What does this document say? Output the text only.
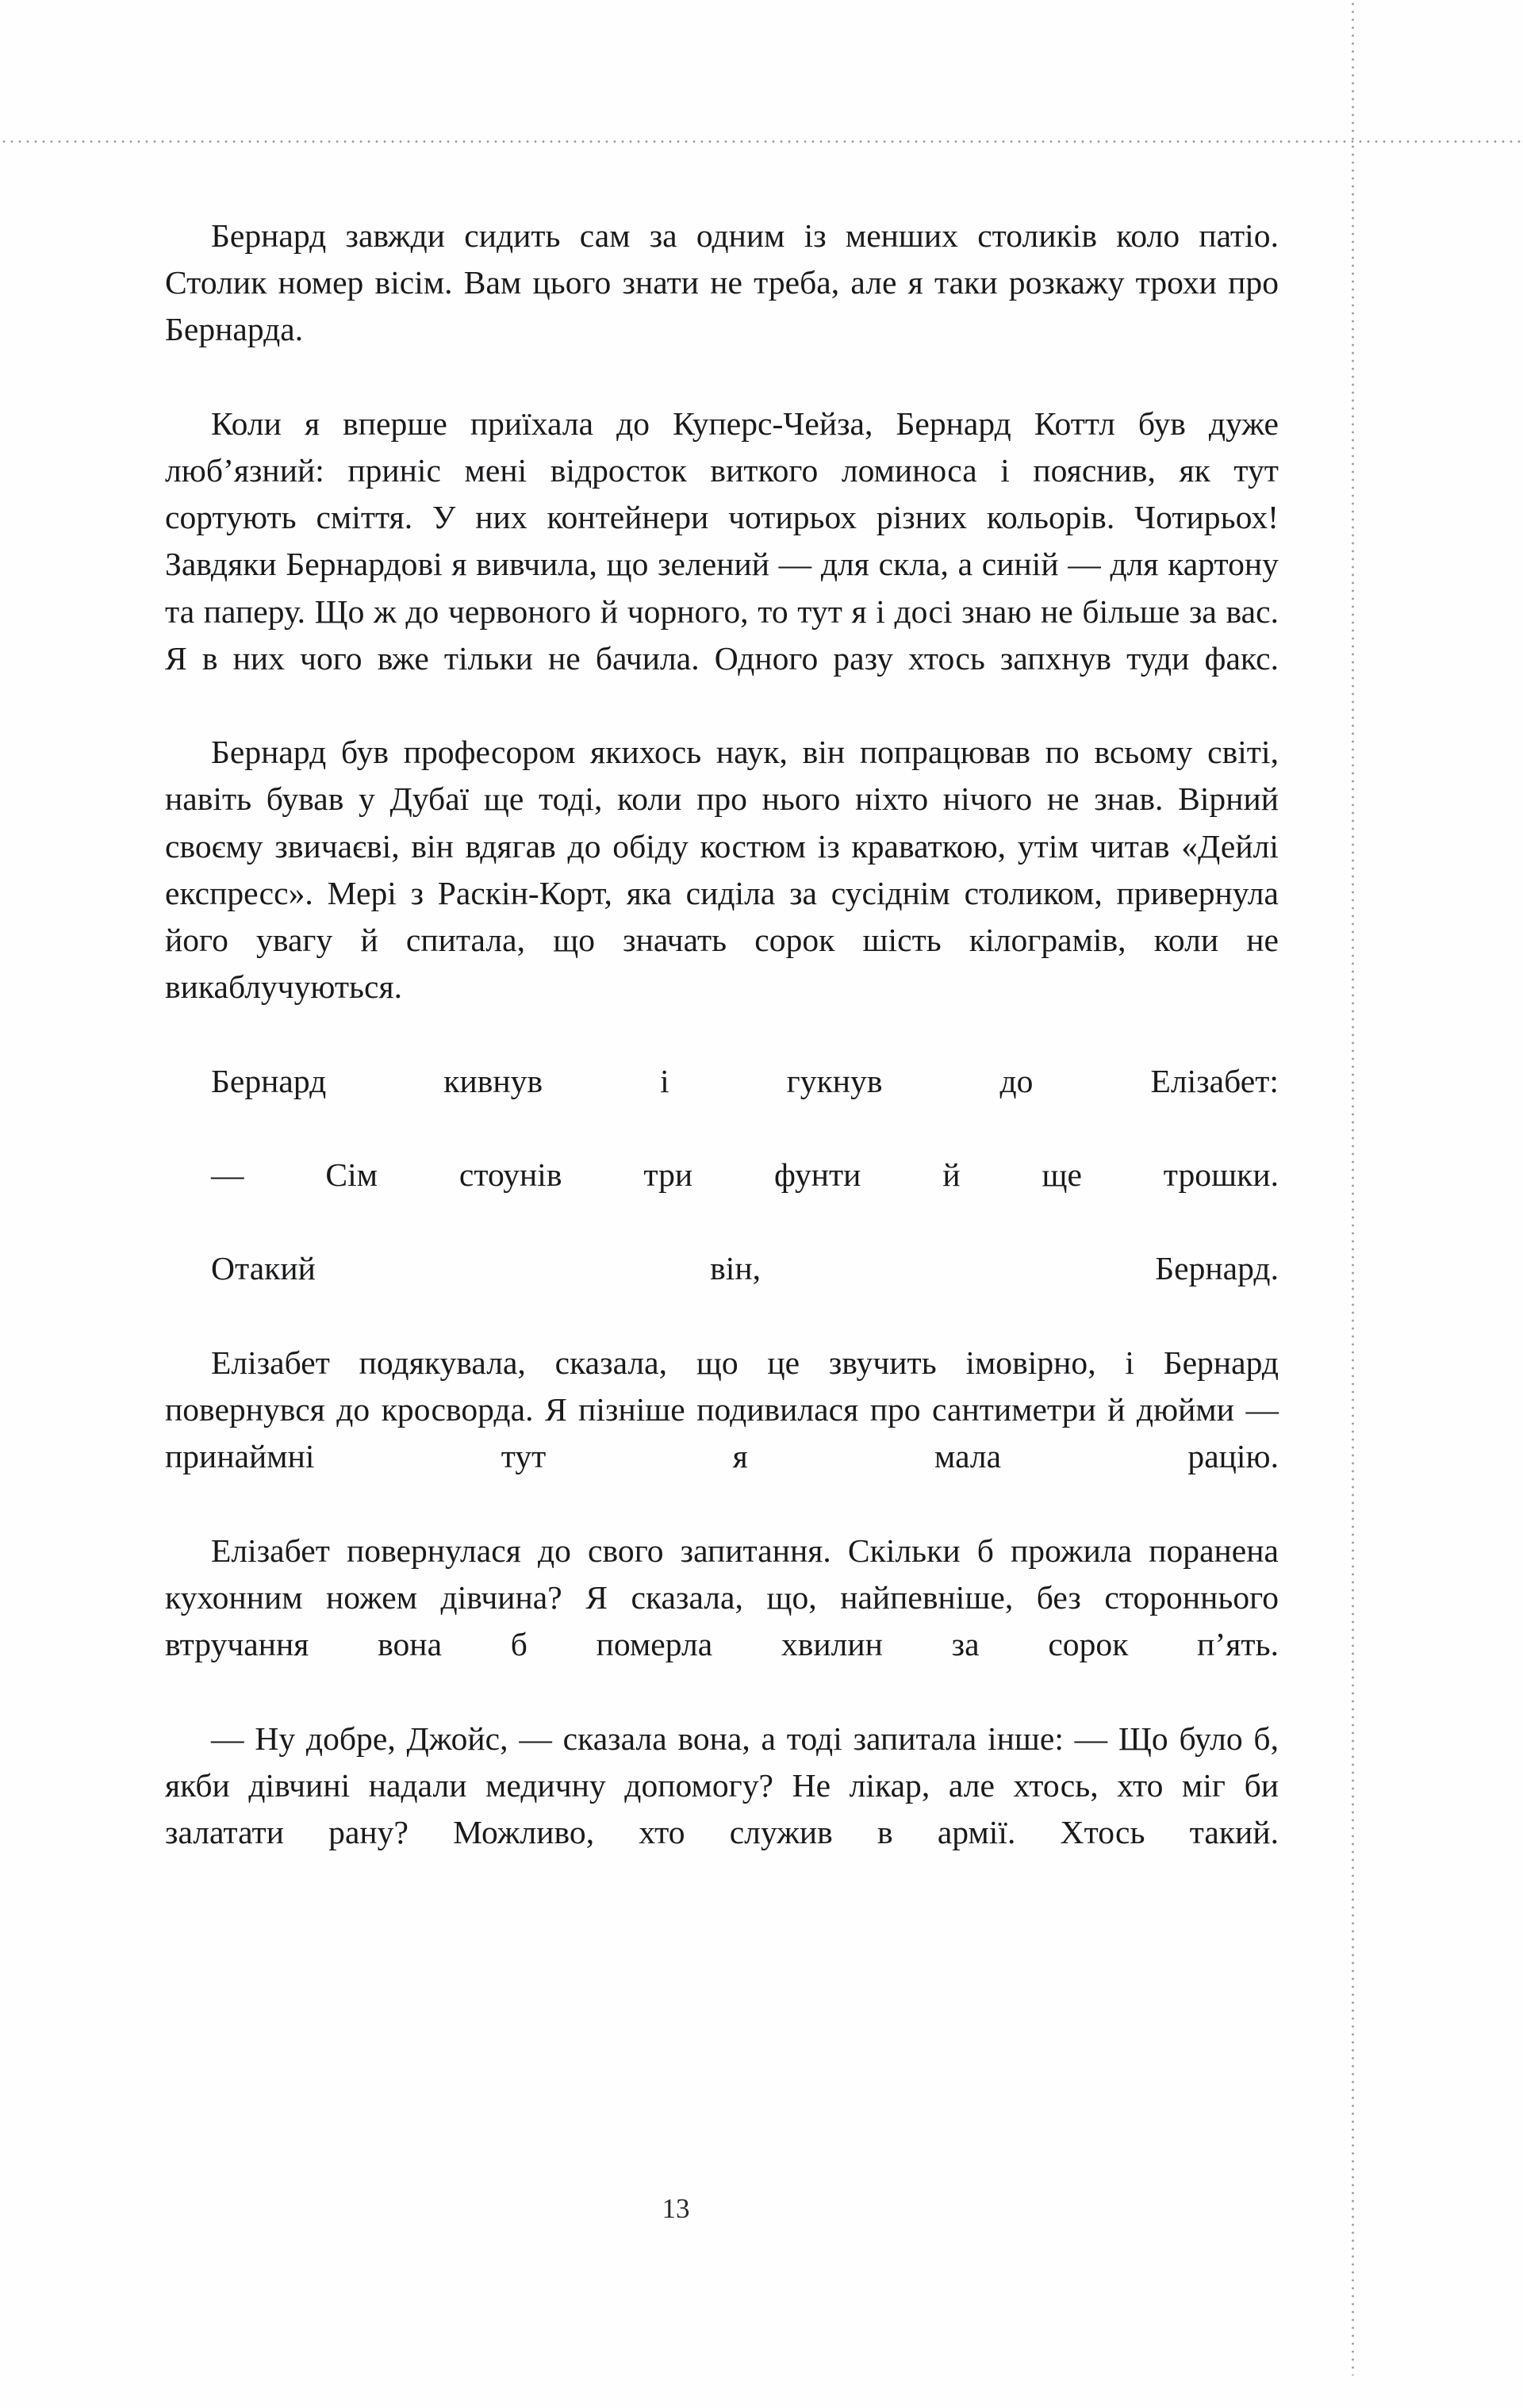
Бернард завжди сидить сам за одним із менших столиків коло патіо. Столик номер вісім. Вам цього знати не треба, але я таки розкажу трохи про Бернарда.

Коли я вперше приїхала до Куперс-Чейза, Бернард Коттл був дуже люб’язний: приніс мені відросток виткого ломиноса і пояснив, як тут сортують сміття. У них контейнери чотирьох різних кольорів. Чотирьох! Завдяки Бернардові я вивчила, що зелений — для скла, а синій — для картону та паперу. Що ж до червоного й чорного, то тут я і досі знаю не більше за вас. Я в них чого вже тільки не бачила. Одного разу хтось запхнув туди факс.

Бернард був професором якихось наук, він попрацював по всьому світі, навіть бував у Дубаї ще тоді, коли про нього ніхто нічого не знав. Вірний своєму звичаєві, він вдягав до обіду костюм із краваткою, утім читав «Дейлі експресс». Мері з Раскін-Корт, яка сиділа за сусіднім столиком, привернула його увагу й спитала, що значать сорок шість кілограмів, коли не викаблучуються.

Бернард кивнув і гукнув до Елізабет:

— Сім стоунів три фунти й ще трошки.

Отакий він, Бернард.

Елізабет подякувала, сказала, що це звучить імовірно, і Бернард повернувся до кросворда. Я пізніше подивилася про сантиметри й дюйми — принаймні тут я мала рацію.

Елізабет повернулася до свого запитання. Скільки б прожила поранена кухонним ножем дівчина? Я сказала, що, найпевніше, без стороннього втручання вона б померла хвилин за сорок п’ять.

— Ну добре, Джойс, — сказала вона, а тоді запитала інше: — Що було б, якби дівчині надали медичну допомогу? Не лікар, але хтось, хто міг би залатати рану? Можливо, хто служив в армії. Хтось такий.

13
